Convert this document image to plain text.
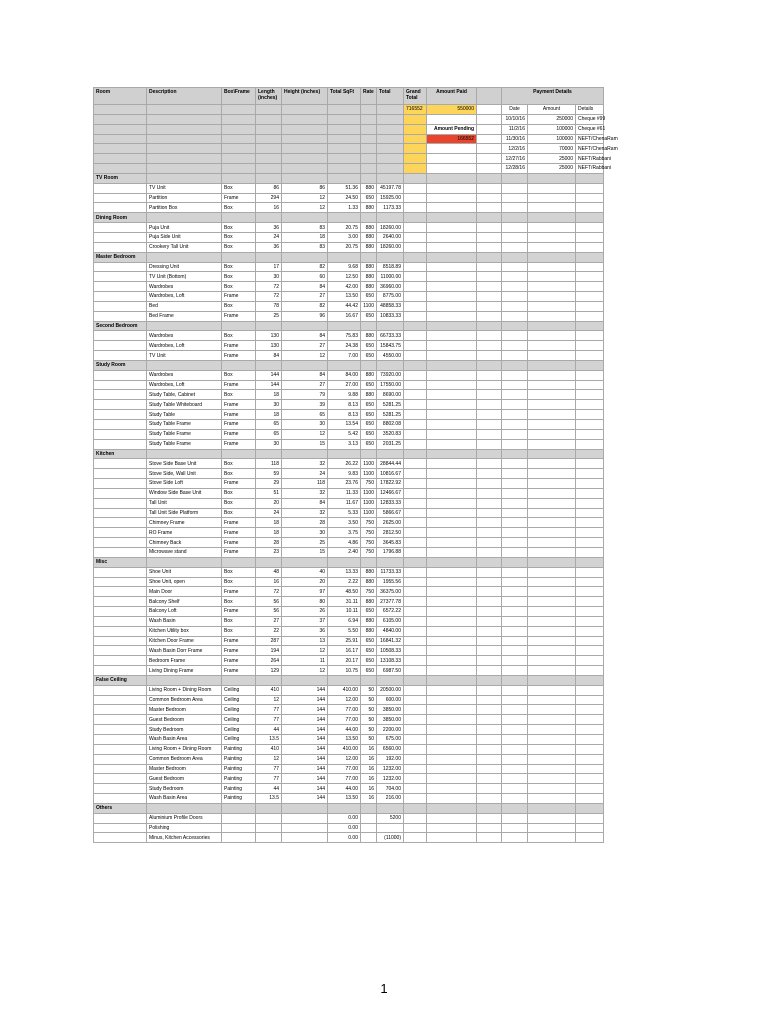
Room	Description	Box\Frame	Length (inches)	Height (inches)	Total SqFt	Rate	Total	Grand Total	Amount Paid		Payment Details		
								716552	550000		Date	Amount	Details
											10/10/16	250000	Cheque #99
									Amount Pending		11/2/16	100000	Cheque #61
									166552		11/30/16	100000	NEFT/ChenaRam
											12/2/16	70000	NEFT/ChenaRam
											12/27/16	25000	NEFT/Rabbani
											12/28/16	25000	NEFT/Rabbani
TV Room													
	TV Unit	Box	86	86	51.36	880	45197.78						
	Partition	Frame	294	12	24.50	650	15925.00						
	Partition Box	Box	16	12	1.33	880	1173.33						
Dining Room													
	Puja Unit	Box	36	83	20.75	880	18260.00						
	Puja Side Unit	Box	24	18	3.00	880	2640.00						
	Crookery Tall Unit	Box	36	83	20.75	880	18260.00						
Master Bedroom													
	Dressing Unit	Box	17	82	9.68	880	8518.89						
	TV Unit (Bottom)	Box	30	60	12.50	880	11000.00						
	Wardrobes	Box	72	84	42.00	880	36960.00						
	Wardrobes, Loft	Frame	72	27	13.50	650	8775.00						
	Bed	Box	78	82	44.42	1100	48858.33						
	Bed Frame	Frame	25	96	16.67	650	10833.33						
Second Bedroom													
	Wardrobes	Box	130	84	75.83	880	66733.33						
	Wardrobes, Loft	Frame	130	27	24.38	650	15843.75						
	TV Unit	Frame	84	12	7.00	650	4550.00						
Study Room													
	Wardrobes	Box	144	84	84.00	880	73920.00						
	Wardrobes, Loft	Frame	144	27	27.00	650	17550.00						
	Study Table, Cabinet	Box	18	79	9.88	880	8690.00						
	Study Table Whiteboard	Frame	30	39	8.13	650	5281.25						
	Study Table	Frame	18	65	8.13	650	5281.25						
	Study Table Frame	Frame	65	30	13.54	650	8802.08						
	Study Table Frame	Frame	65	12	5.42	650	3520.83						
	Study Table Frame	Frame	30	15	3.13	650	2031.25						
Kitchen													
	Stove Side Base Unit	Box	118	32	26.22	1100	28844.44						
	Stove Side, Wall Unit	Box	59	24	9.83	1100	10816.67						
	Stove Side Loft	Frame	29	118	23.76	750	17822.92						
	Window Side Base Unit	Box	51	32	11.33	1100	12466.67						
	Tall Unit	Box	20	84	11.67	1100	12833.33						
	Tall Unit Side Platform	Box	24	32	5.33	1100	5866.67						
	Chimney Frame	Frame	18	28	3.50	750	2625.00						
	RO Frame	Frame	18	30	3.75	750	2812.50						
	Chimney Back	Frame	28	25	4.86	750	3645.83						
	Microwave stand	Frame	23	15	2.40	750	1796.88						
Misc													
	Shoe Unit	Box	48	40	13.33	880	11733.33						
	Shoe Unit, open	Box	16	20	2.22	880	1955.56						
	Main Door	Frame	72	97	48.50	750	36375.00						
	Balcony Shelf	Box	56	80	31.11	880	27377.78						
	Balcony Loft	Frame	56	26	10.11	650	6572.22						
	Wash Basin	Box	27	37	6.94	880	6105.00						
	Kitchen Utility box	Box	22	36	5.50	880	4840.00						
	Kitchen Door Frame	Frame	287	13	25.91	650	16841.32						
	Wash Basin Dorr Frame	Frame	194	12	16.17	650	10508.33						
	Bedroom Frame	Frame	264	11	20.17	650	13108.33						
	Living Dining Frame	Frame	129	12	10.75	650	6987.50						
False Ceiling													
	Living Room + Dining Room	Ceiling	410	144	410.00	50	20500.00						
	Common Bedroom Area	Ceiling	12	144	12.00	50	600.00						
	Master Bedroom	Ceiling	77	144	77.00	50	3850.00						
	Guest Bedroom	Ceiling	77	144	77.00	50	3850.00						
	Study Bedroom	Ceiling	44	144	44.00	50	2200.00						
	Wash Basin Area	Ceiling	13.5	144	13.50	50	675.00						
	Living Room + Dining Room	Painting	410	144	410.00	16	6560.00						
	Common Bedroom Area	Painting	12	144	12.00	16	192.00						
	Master Bedroom	Painting	77	144	77.00	16	1232.00						
	Guest Bedroom	Painting	77	144	77.00	16	1232.00						
	Study Bedroom	Painting	44	144	44.00	16	704.00						
	Wash Basin Area	Painting	13.5	144	13.50	16	216.00						
Others													
	Aluminium Profile Doors				0.00		5200						
	Polishing				0.00								
	Minus, Kitchen Accessories				0.00		(11000)						
1
